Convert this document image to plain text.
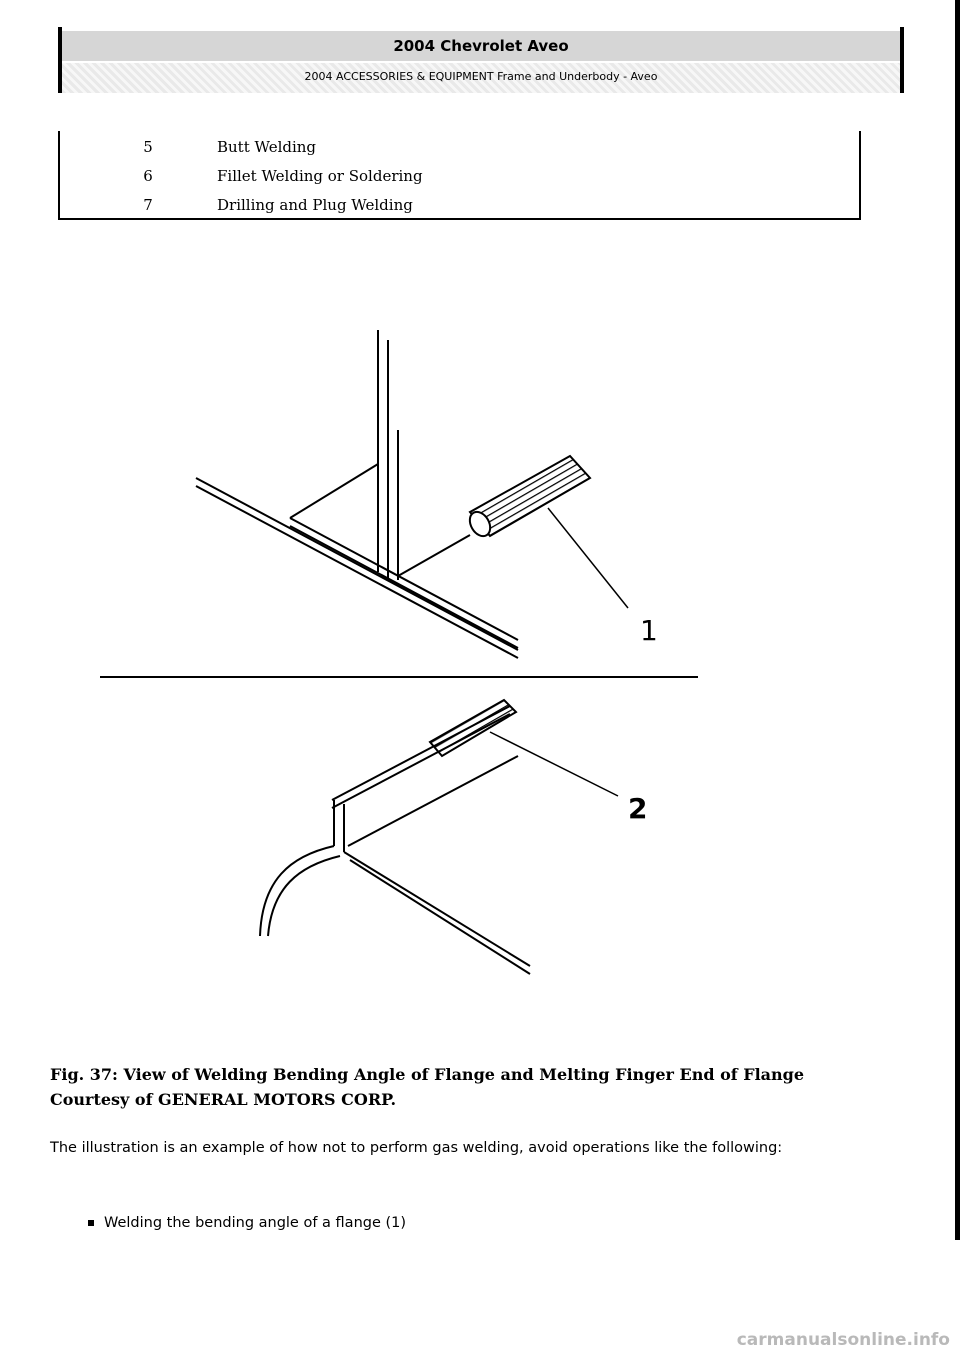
2004 Chevrolet Aveo
2004 ACCESSORIES & EQUIPMENT Frame and Underbody - Aveo
5	Butt Welding
6	Fillet Welding or Soldering
7	Drilling and Plug Welding
1
2
Fig. 37: View of Welding Bending Angle of Flange and Melting Finger End of Flange
Courtesy of GENERAL MOTORS CORP.
The illustration is an example of how not to perform gas welding, avoid operations like the following:
Welding the bending angle of a flange (1)
carmanualsonline.info
